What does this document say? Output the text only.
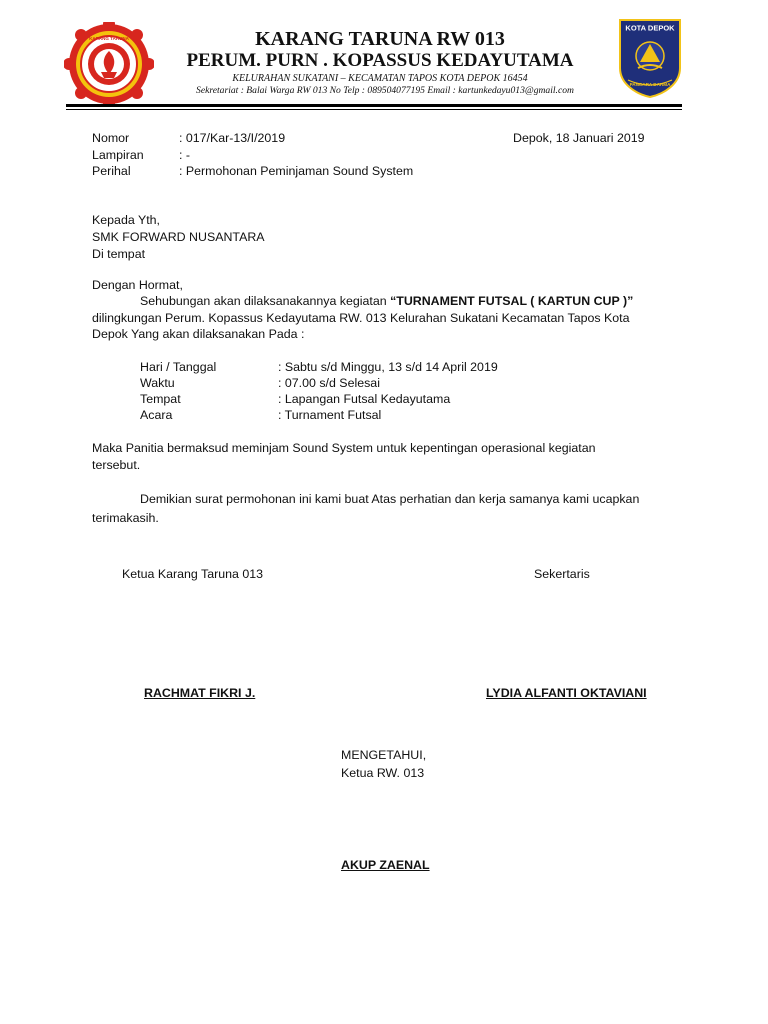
KARANG TARUNA	KARANG TARUNA RW 013
PERUM. PURN . KOPASSUS KEDAYUTAMA
KELURAHAN SUKATANI – KECAMATAN TAPOS KOTA DEPOK 16454
Sekretariat : Balai Warga RW 013 No Telp : 089504077195 Email : kartunkedayu013@gmail.com
KOTA DEPOK
PANCARA DARMA
Nomor	: 017/Kar-13/I/2019	Depok, 18 Januari 2019
Lampiran	: -
Perihal	: Permohonan Peminjaman Sound System
Kepada Yth,
SMK FORWARD NUSANTARA
Di tempat
Dengan Hormat,
Sehubungan akan dilaksanakannya kegiatan “TURNAMENT FUTSAL ( KARTUN CUP )”
dilingkungan Perum. Kopassus Kedayutama RW. 013 Kelurahan Sukatani Kecamatan Tapos Kota
Depok Yang akan dilaksanakan Pada :
Hari / Tanggal	: Sabtu s/d Minggu, 13 s/d 14 April 2019
Waktu	: 07.00 s/d Selesai
Tempat	: Lapangan Futsal Kedayutama
Acara	: Turnament Futsal
Maka Panitia bermaksud meminjam Sound System untuk kepentingan operasional kegiatan
tersebut.
Demikian surat permohonan ini kami buat Atas perhatian dan kerja samanya kami ucapkan
terimakasih.
Ketua Karang Taruna 013	Sekertaris
RACHMAT FIKRI J.	LYDIA ALFANTI OKTAVIANI
MENGETAHUI,
Ketua RW. 013
AKUP ZAENAL
